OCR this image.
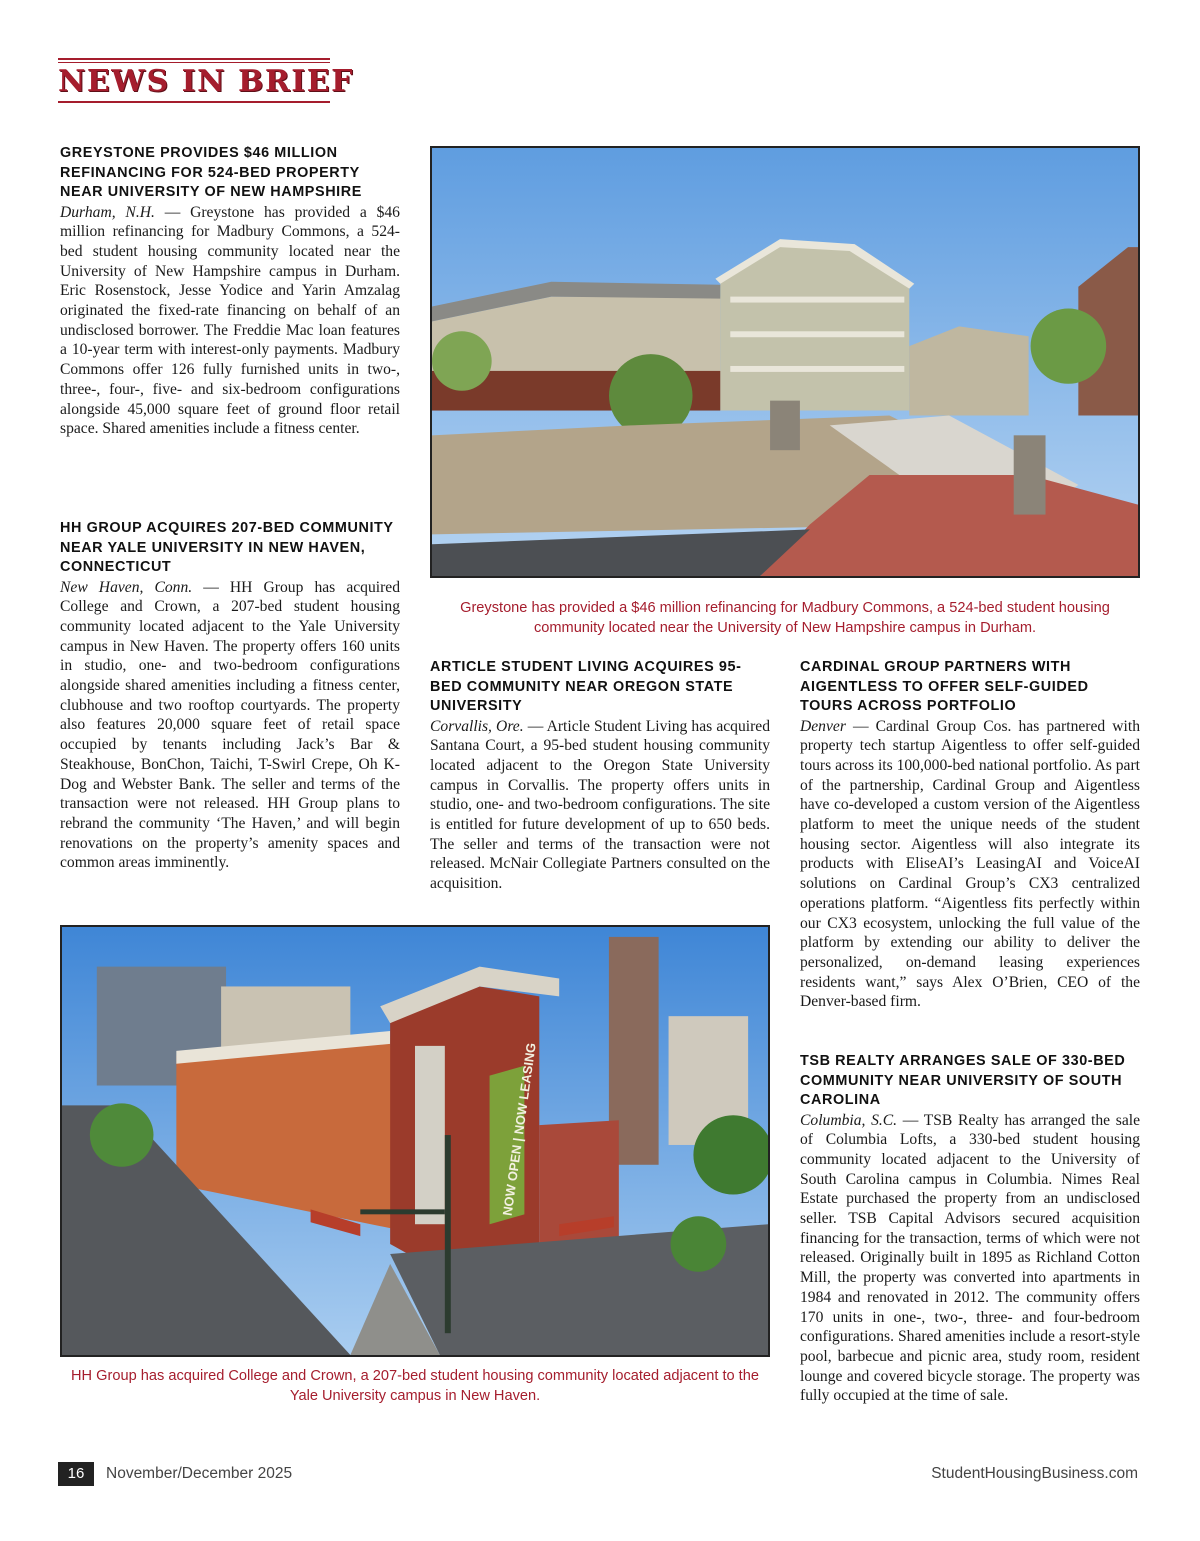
NEWS IN BRIEF
GREYSTONE PROVIDES $46 MILLION REFINANCING FOR 524-BED PROPERTY NEAR UNIVERSITY OF NEW HAMPSHIRE

Durham, N.H. — Greystone has provided a $46 million refinancing for Madbury Commons, a 524-bed student housing community located near the University of New Hampshire campus in Durham. Eric Rosenstock, Jesse Yodice and Yarin Amzalag originated the fixed-rate financing on behalf of an undisclosed borrower. The Freddie Mac loan features a 10-year term with interest-only payments. Madbury Commons offer 126 fully furnished units in two-, three-, four-, five- and six-bedroom configurations alongside 45,000 square feet of ground floor retail space. Shared amenities include a fitness center.

HH GROUP ACQUIRES 207-BED COMMUNITY NEAR YALE UNIVERSITY IN NEW HAVEN, CONNECTICUT

New Haven, Conn. — HH Group has acquired College and Crown, a 207-bed student housing community located adjacent to the Yale University campus in New Haven. The property offers 160 units in studio, one- and two-bedroom configurations alongside shared amenities including a fitness center, clubhouse and two rooftop courtyards. The property also features 20,000 square feet of retail space occupied by tenants including Jack’s Bar & Steakhouse, BonChon, Taichi, T-Swirl Crepe, Oh K-Dog and Webster Bank. The seller and terms of the transaction were not released. HH Group plans to rebrand the community ‘The Haven,’ and will begin renovations on the property’s amenity spaces and common areas imminently.

Greystone has provided a $46 million refinancing for Madbury Commons, a 524-bed student housing community located near the University of New Hampshire campus in Durham.
ARTICLE STUDENT LIVING ACQUIRES 95-BED COMMUNITY NEAR OREGON STATE UNIVERSITY

Corvallis, Ore. — Article Student Living has acquired Santana Court, a 95-bed student housing community located adjacent to the Oregon State University campus in Corvallis. The property offers units in studio, one- and two-bedroom configurations. The site is entitled for future development of up to 650 beds. The seller and terms of the transaction were not released. McNair Collegiate Partners consulted on the acquisition.

CARDINAL GROUP PARTNERS WITH AIGENTLESS TO OFFER SELF-GUIDED TOURS ACROSS PORTFOLIO

Denver — Cardinal Group Cos. has partnered with property tech startup Aigentless to offer self-guided tours across its 100,000-bed national portfolio. As part of the partnership, Cardinal Group and Aigentless have co-developed a custom version of the Aigentless platform to meet the unique needs of the student housing sector. Aigentless will also integrate its products with EliseAI’s LeasingAI and VoiceAI solutions on Cardinal Group’s CX3 centralized operations platform. “Aigentless fits perfectly within our CX3 ecosystem, unlocking the full value of the platform by extending our ability to deliver the personalized, on-demand leasing experiences residents want,” says Alex O’Brien, CEO of the Denver-based firm.

NOW OPEN | NOW LEASING
HH Group has acquired College and Crown, a 207-bed student housing community located adjacent to the Yale University campus in New Haven.
TSB REALTY ARRANGES SALE OF 330-BED COMMUNITY NEAR UNIVERSITY OF SOUTH CAROLINA

Columbia, S.C. — TSB Realty has arranged the sale of Columbia Lofts, a 330-bed student housing community located adjacent to the University of South Carolina campus in Columbia. Nimes Real Estate purchased the property from an undisclosed seller. TSB Capital Advisors secured acquisition financing for the transaction, terms of which were not released. Originally built in 1895 as Richland Cotton Mill, the property was converted into apartments in 1984 and renovated in 2012. The community offers 170 units in one-, two-, three- and four-bedroom configurations. Shared amenities include a resort-style pool, barbecue and picnic area, study room, resident lounge and covered bicycle storage. The property was fully occupied at the time of sale.

16	November/December 2025	StudentHousingBusiness.com
